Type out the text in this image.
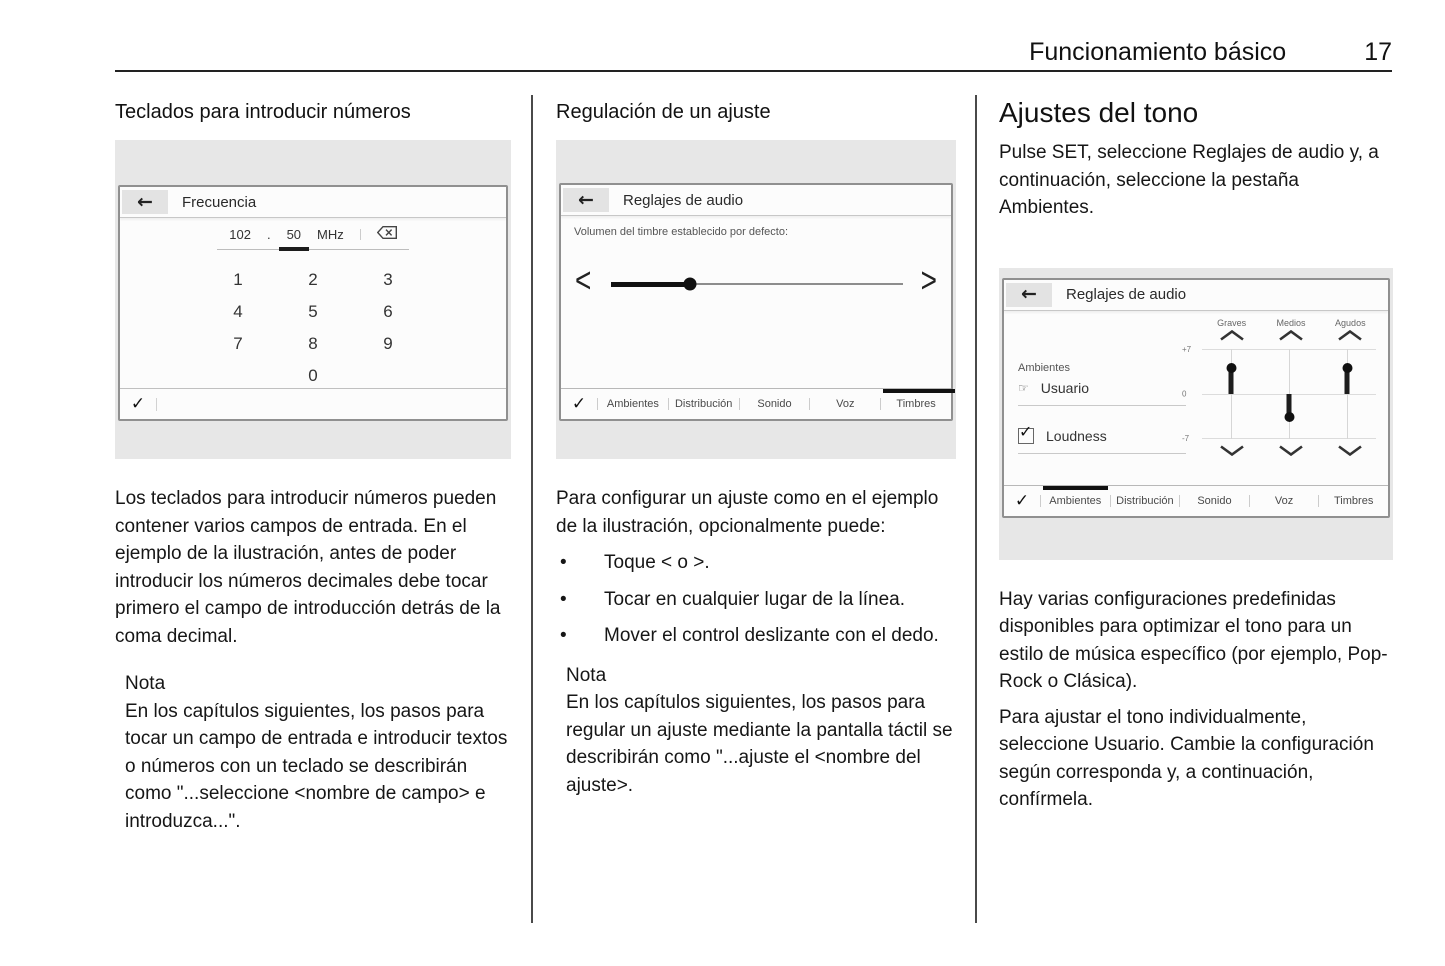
Funcionamiento básico	17
Teclados para introducir números
← Frecuencia
102 . 50 MHz
1	2	3
4	5	6
7	8	9
0
✓

Los teclados para introducir números pueden contener varios campos de entrada. En el ejemplo de la ilustración, antes de poder introducir los números decimales debe tocar primero el campo de introducción detrás de la coma decimal.

Nota

En los capítulos siguientes, los pasos para tocar un campo de entrada e introducir textos o números con un teclado se describirán como "...seleccione <nombre de campo> e introduzca...".

Regulación de un ajuste
← Reglajes de audio
Volumen del timbre establecido por defecto:
<	>
✓	Ambientes	Distribución	Sonido	Voz	Timbres

Para configurar un ajuste como en el ejemplo de la ilustración, opcionalmente puede:

•	Toque < o >.
•	Tocar en cualquier lugar de la línea.
•	Mover el control deslizante con el dedo.

Nota

En los capítulos siguientes, los pasos para regular un ajuste mediante la pantalla táctil se describirán como "...ajuste el <nombre del ajuste>.

Ajustes del tono

Pulse SET, seleccione Reglajes de audio y, a continuación, seleccione la pestaña Ambientes.

← Reglajes de audio
Ambientes
☞ Usuario
✓ Loudness
Graves	Medios	Agudos
+7
0
-7
✓	Ambientes	Distribución	Sonido	Voz	Timbres

Hay varias configuraciones predefinidas disponibles para optimizar el tono para un estilo de música específico (por ejemplo, Pop-Rock o Clásica).

Para ajustar el tono individualmente, seleccione Usuario. Cambie la configuración según corresponda y, a continuación, confírmela.
